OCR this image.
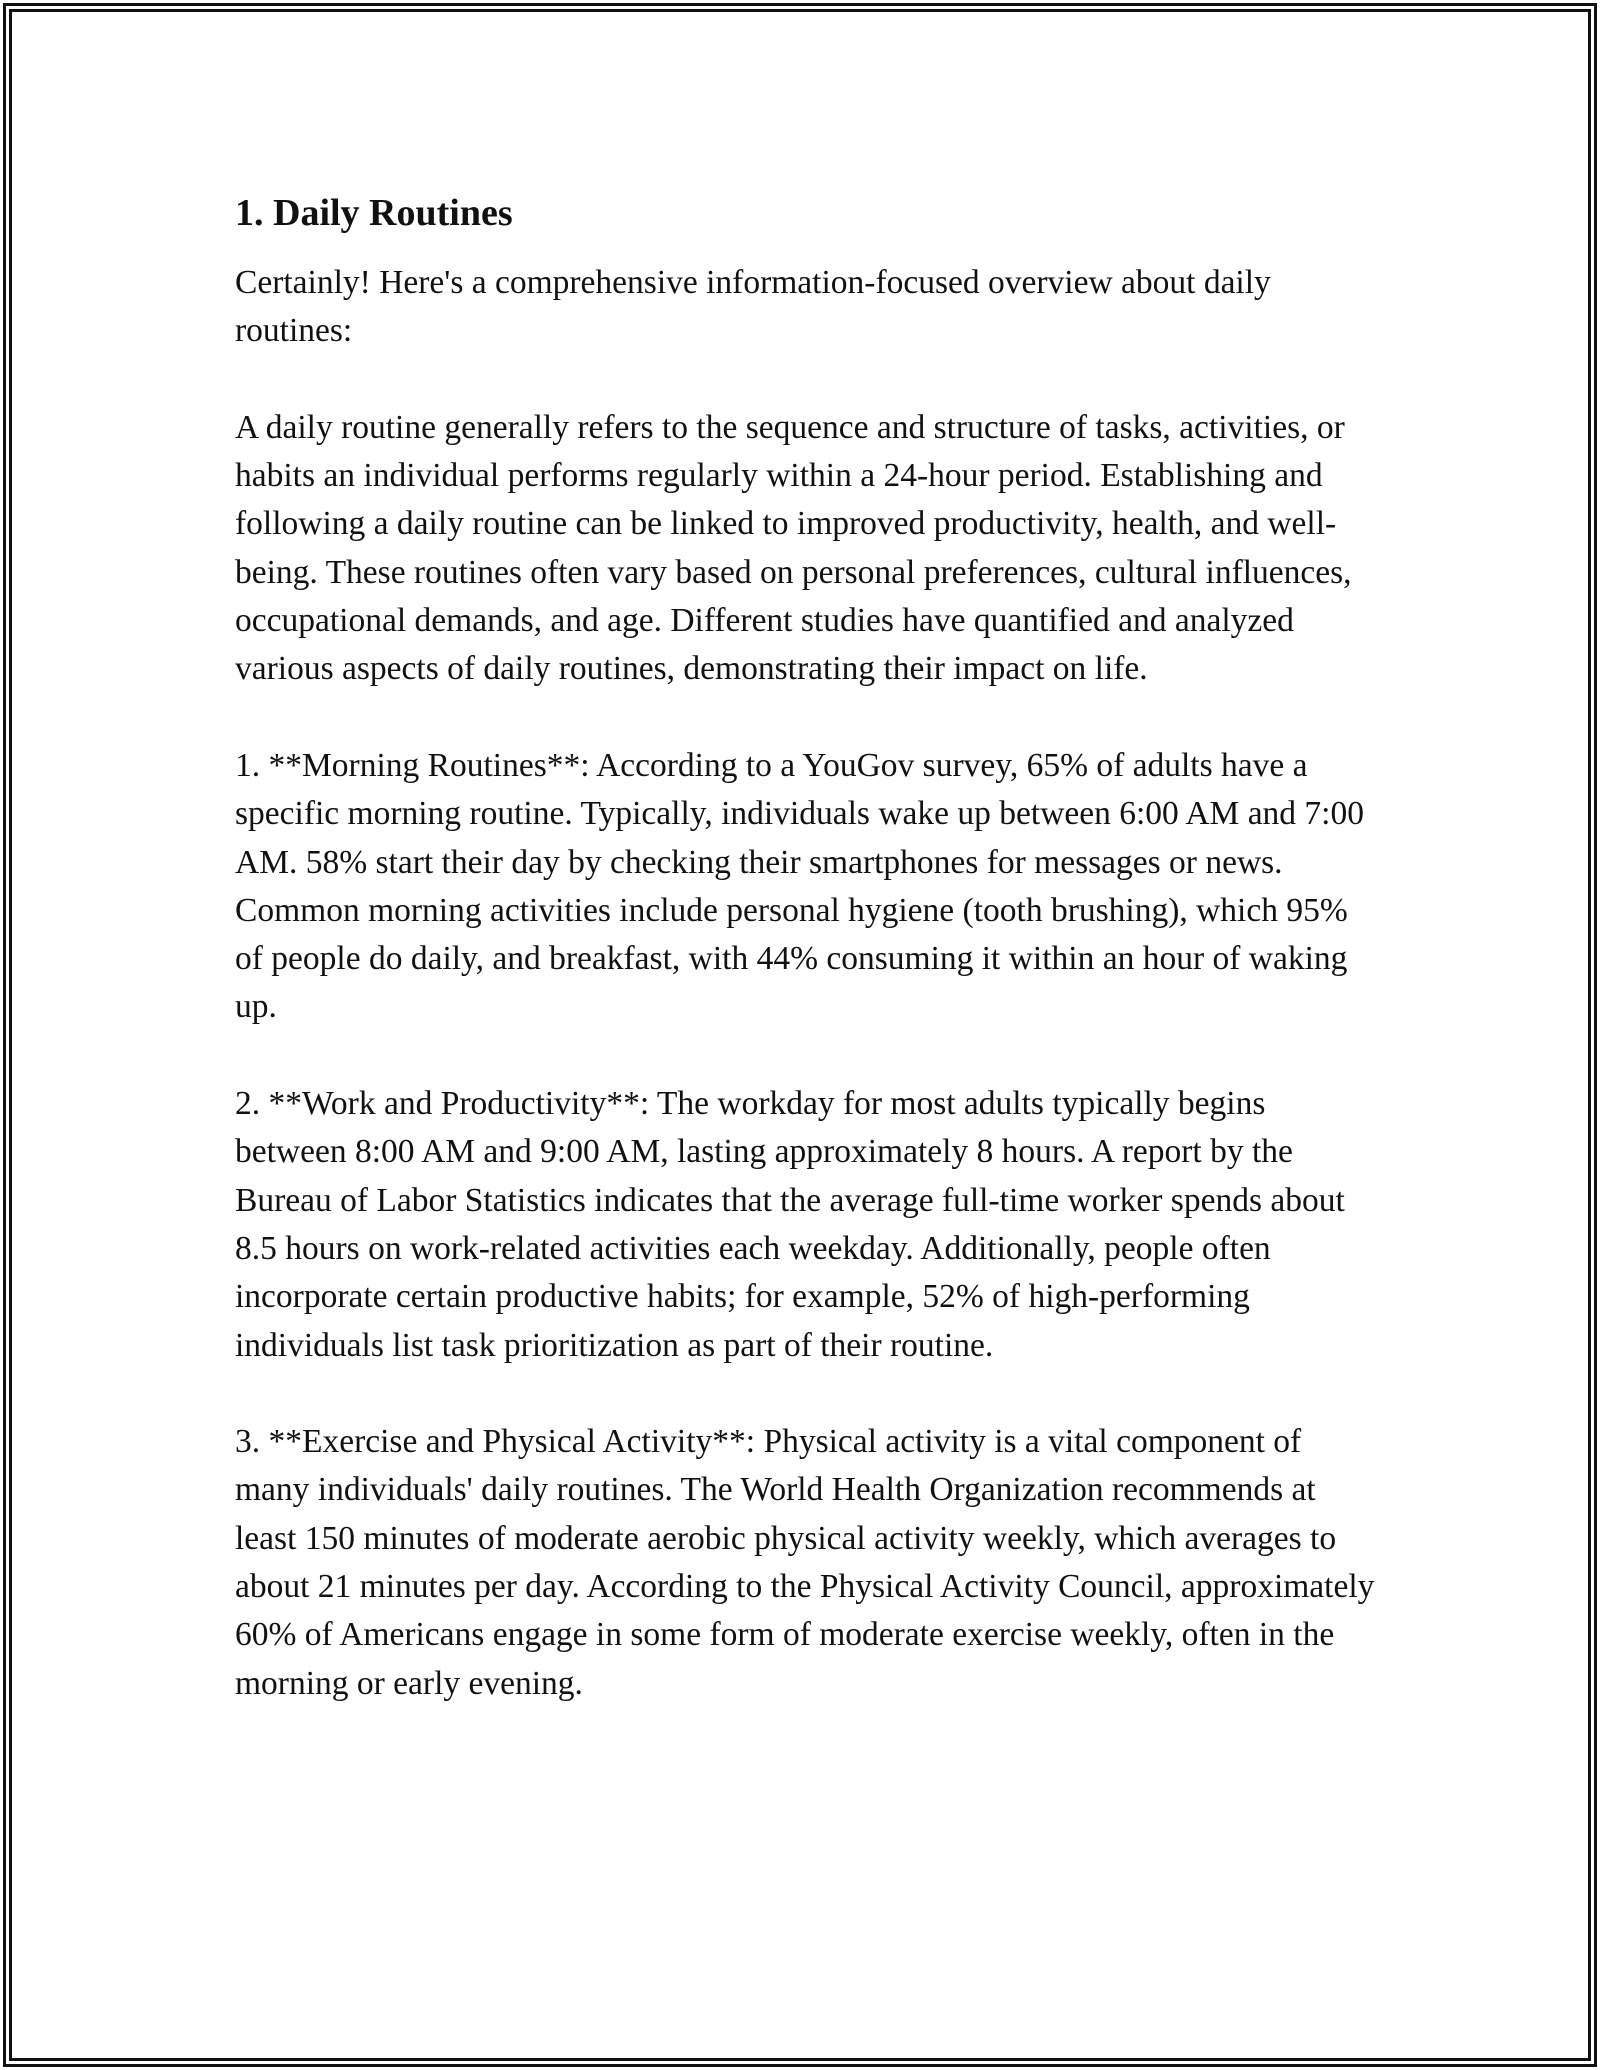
1. Daily Routines

Certainly! Here's a comprehensive information-focused overview about daily routines:

A daily routine generally refers to the sequence and structure of tasks, activities, or habits an individual performs regularly within a 24-hour period. Establishing and following a daily routine can be linked to improved productivity, health, and well-being. These routines often vary based on personal preferences, cultural influences, occupational demands, and age. Different studies have quantified and analyzed various aspects of daily routines, demonstrating their impact on life.

1. **Morning Routines**: According to a YouGov survey, 65% of adults have a specific morning routine. Typically, individuals wake up between 6:00 AM and 7:00 AM. 58% start their day by checking their smartphones for messages or news. Common morning activities include personal hygiene (tooth brushing), which 95% of people do daily, and breakfast, with 44% consuming it within an hour of waking up.

2. **Work and Productivity**: The workday for most adults typically begins between 8:00 AM and 9:00 AM, lasting approximately 8 hours. A report by the Bureau of Labor Statistics indicates that the average full-time worker spends about 8.5 hours on work-related activities each weekday. Additionally, people often incorporate certain productive habits; for example, 52% of high-performing individuals list task prioritization as part of their routine.

3. **Exercise and Physical Activity**: Physical activity is a vital component of many individuals' daily routines. The World Health Organization recommends at least 150 minutes of moderate aerobic physical activity weekly, which averages to about 21 minutes per day. According to the Physical Activity Council, approximately 60% of Americans engage in some form of moderate exercise weekly, often in the morning or early evening.
